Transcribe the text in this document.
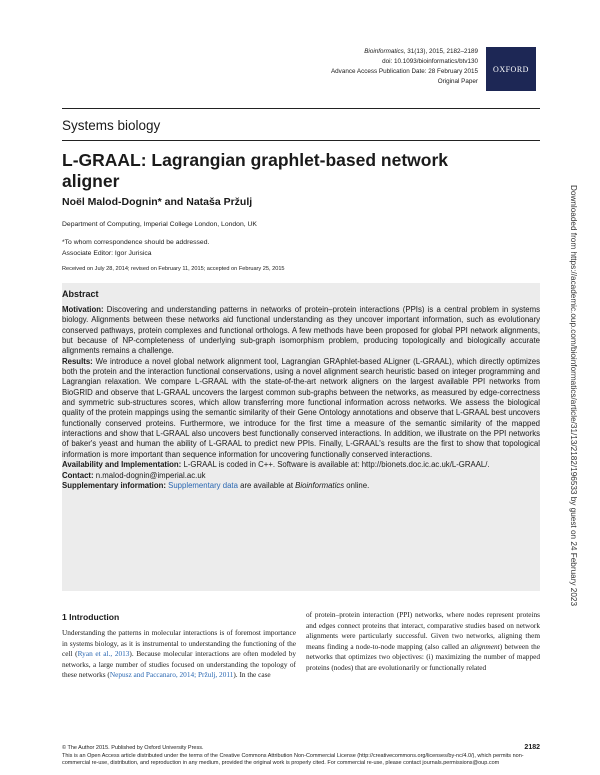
Bioinformatics, 31(13), 2015, 2182–2189
doi: 10.1093/bioinformatics/btv130
Advance Access Publication Date: 28 February 2015
Original Paper
OXFORD
Systems biology
L-GRAAL: Lagrangian graphlet-based network aligner
Noël Malod-Dognin* and Nataša Pržulj
Department of Computing, Imperial College London, London, UK
*To whom correspondence should be addressed.
Associate Editor: Igor Jurisica
Received on July 28, 2014; revised on February 11, 2015; accepted on February 25, 2015
Abstract

Motivation: Discovering and understanding patterns in networks of protein–protein interactions (PPIs) is a central problem in systems biology. Alignments between these networks aid functional understanding as they uncover important information, such as evolutionary conserved pathways, protein complexes and functional orthologs. A few methods have been proposed for global PPI network alignments, but because of NP-completeness of underlying sub-graph isomorphism problem, producing topologically and biologically accurate alignments remains a challenge.

Results: We introduce a novel global network alignment tool, Lagrangian GRAphlet-based ALigner (L-GRAAL), which directly optimizes both the protein and the interaction functional conservations, using a novel alignment search heuristic based on integer programming and Lagrangian relaxation. We compare L-GRAAL with the state-of-the-art network aligners on the largest available PPI networks from BioGRID and observe that L-GRAAL uncovers the largest common sub-graphs between the networks, as measured by edge-correctness and symmetric sub-structures scores, which allow transferring more functional information across networks. We assess the biological quality of the protein mappings using the semantic similarity of their Gene Ontology annotations and observe that L-GRAAL best uncovers functionally conserved proteins. Furthermore, we introduce for the first time a measure of the semantic similarity of the mapped interactions and show that L-GRAAL also uncovers best functionally conserved interactions. In addition, we illustrate on the PPI networks of baker's yeast and human the ability of L-GRAAL to predict new PPIs. Finally, L-GRAAL's results are the first to show that topological information is more important than sequence information for uncovering functionally conserved interactions.

Availability and Implementation: L-GRAAL is coded in C++. Software is available at: http://bionets.doc.ic.ac.uk/L-GRAAL/.

Contact: n.malod-dognin@imperial.ac.uk

Supplementary information: Supplementary data are available at Bioinformatics online.

1 Introduction
Understanding the patterns in molecular interactions is of foremost importance in systems biology, as it is instrumental to understanding the functioning of the cell (Ryan et al., 2013). Because molecular interactions are often modeled by networks, a large number of studies focused on understanding the topology of these networks (Nepusz and Paccanaro, 2014; Pržulj, 2011). In the case
of protein–protein interaction (PPI) networks, where nodes represent proteins and edges connect proteins that interact, comparative studies based on network alignments were particularly successful. Given two networks, aligning them means finding a node-to-node mapping (also called an alignment) between the networks that optimizes two objectives: (i) maximizing the number of mapped proteins (nodes) that are evolutionarily or functionally related
© The Author 2015. Published by Oxford University Press.	2182
This is an Open Access article distributed under the terms of the Creative Commons Attribution Non-Commercial License (http://creativecommons.org/licenses/by-nc/4.0/), which permits non-commercial re-use, distribution, and reproduction in any medium, provided the original work is properly cited. For commercial re-use, please contact journals.permissions@oup.com
Downloaded from https://academic.oup.com/bioinformatics/article/31/13/2182/196533 by guest on 24 February 2023
